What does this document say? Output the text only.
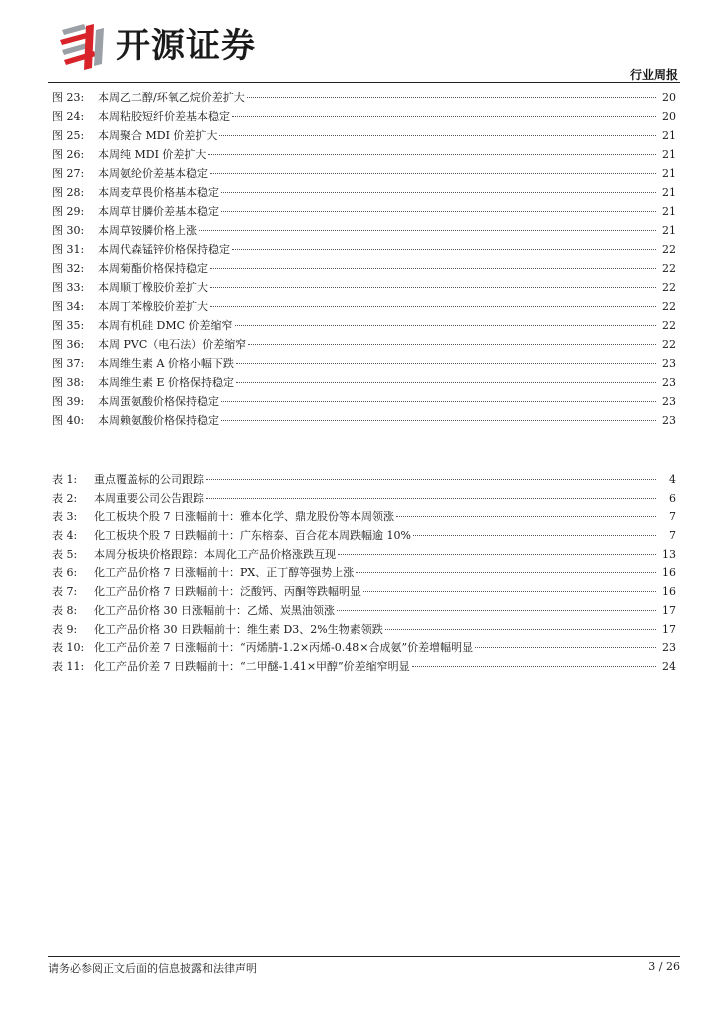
开源证券
行业周报
图 23:	本周乙二醇/环氧乙烷价差扩大	20
图 24:	本周粘胶短纤价差基本稳定	20
图 25:	本周聚合 MDI 价差扩大	21
图 26:	本周纯 MDI 价差扩大	21
图 27:	本周氨纶价差基本稳定	21
图 28:	本周麦草畏价格基本稳定	21
图 29:	本周草甘膦价差基本稳定	21
图 30:	本周草铵膦价格上涨	21
图 31:	本周代森锰锌价格保持稳定	22
图 32:	本周菊酯价格保持稳定	22
图 33:	本周顺丁橡胶价差扩大	22
图 34:	本周丁苯橡胶价差扩大	22
图 35:	本周有机硅 DMC 价差缩窄	22
图 36:	本周 PVC（电石法）价差缩窄	22
图 37:	本周维生素 A 价格小幅下跌	23
图 38:	本周维生素 E 价格保持稳定	23
图 39:	本周蛋氨酸价格保持稳定	23
图 40:	本周赖氨酸价格保持稳定	23
表 1:	重点覆盖标的公司跟踪	4
表 2:	本周重要公司公告跟踪	6
表 3:	化工板块个股 7 日涨幅前十：雅本化学、鼎龙股份等本周领涨	7
表 4:	化工板块个股 7 日跌幅前十：广东榕泰、百合花本周跌幅逾 10%	7
表 5:	本周分板块价格跟踪：本周化工产品价格涨跌互现	13
表 6:	化工产品价格 7 日涨幅前十：PX、正丁醇等强势上涨	16
表 7:	化工产品价格 7 日跌幅前十：泛酸钙、丙酮等跌幅明显	16
表 8:	化工产品价格 30 日涨幅前十：乙烯、炭黑油领涨	17
表 9:	化工产品价格 30 日跌幅前十：维生素 D3、2%生物素领跌	17
表 10: 化工产品价差 7 日涨幅前十：“丙烯腈-1.2×丙烯-0.48×合成氨”价差增幅明显	23
表 11: 化工产品价差 7 日跌幅前十：“二甲醚-1.41×甲醇”价差缩窄明显	24
请务必参阅正文后面的信息披露和法律声明	3 / 26
